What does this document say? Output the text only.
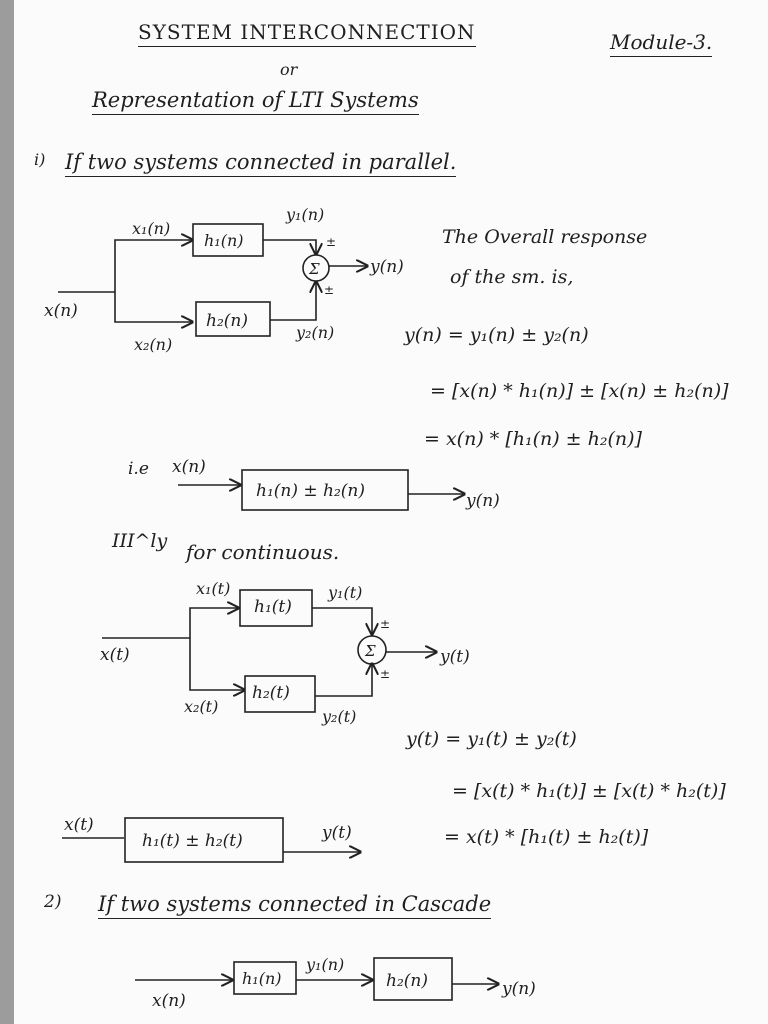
SYSTEM INTERCONNECTION	Module-3.
or
Representation of LTI Systems
i) If two systems connected in parallel.
Σ
x(n)
x₁(n)
x₂(n)
h₁(n)
h₂(n)
y₁(n)
y₂(n)
±
±
y(n)
i.e x(n)
h₁(n) ± h₂(n)	y(n)
Σ
x(t)
x₁(t)
x₂(t)
h₁(t)
h₂(t)
y₁(t)
y₂(t)
±
±
y(t)
x(t)
h₁(t) ± h₂(t)	y(t)
x(n)
h₁(n)
y₁(n)
h₂(n)	y(n)
The Overall response
of the sm. is,
y(n) = y₁(n) ± y₂(n)
= [x(n) * h₁(n)] ± [x(n) ± h₂(n)]
= x(n) * [h₁(n) ± h₂(n)]
III^ly for continuous.
y(t) = y₁(t) ± y₂(t)
= [x(t) * h₁(t)] ± [x(t) * h₂(t)]
= x(t) * [h₁(t) ± h₂(t)]
2) If two systems connected in Cascade
